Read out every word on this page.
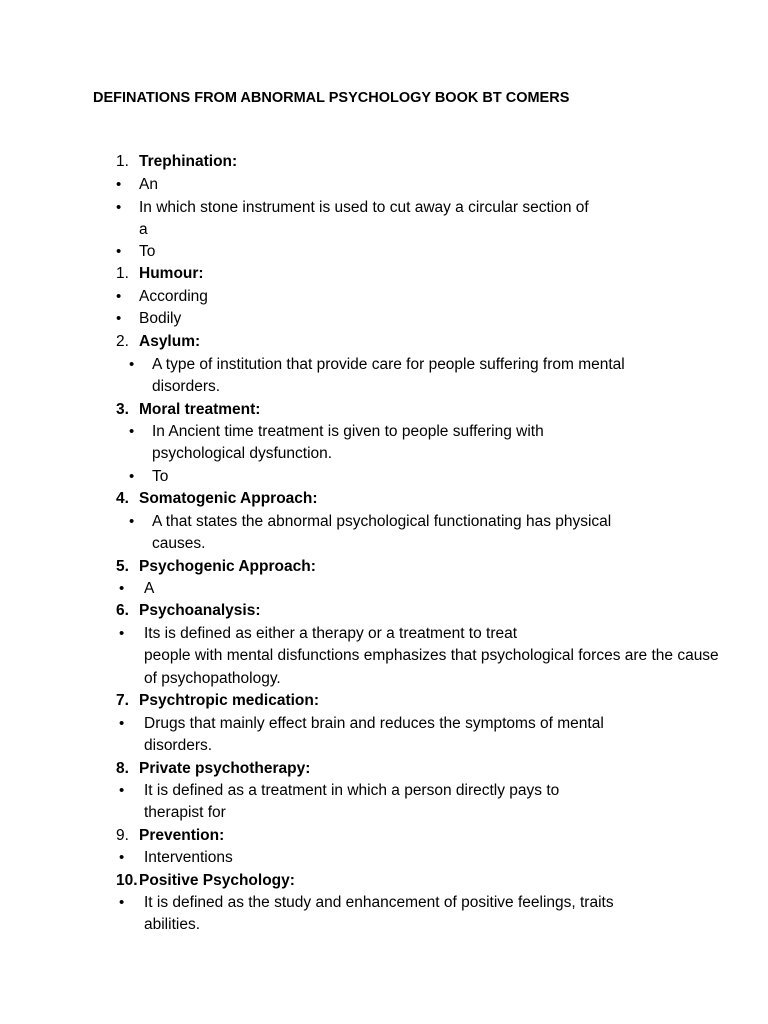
DEFINATIONS FROM ABNORMAL PSYCHOLOGY BOOK BT COMERS
1. Trephination:
• An
• In which stone instrument is used to cut away a circular section of
a
• To
1. Humour:
• According
• Bodily
2. Asylum:
• A type of institution that provide care for people suffering from mental
disorders.
3. Moral treatment:
• In Ancient time treatment is given to people suffering with
psychological dysfunction.
• To
4. Somatogenic Approach:
• A that states the abnormal psychological functionating has physical
causes.
5. Psychogenic Approach:
• A
6. Psychoanalysis:
• Its is defined as either a therapy or a treatment to treat
people with mental disfunctions emphasizes that psychological forces are the cause
of psychopathology.
7. Psychtropic medication:
• Drugs that mainly effect brain and reduces the symptoms of mental
disorders.
8. Private psychotherapy:
• It is defined as a treatment in which a person directly pays to
therapist for
9. Prevention:
• Interventions
10. Positive Psychology:
• It is defined as the study and enhancement of positive feelings, traits
abilities.
